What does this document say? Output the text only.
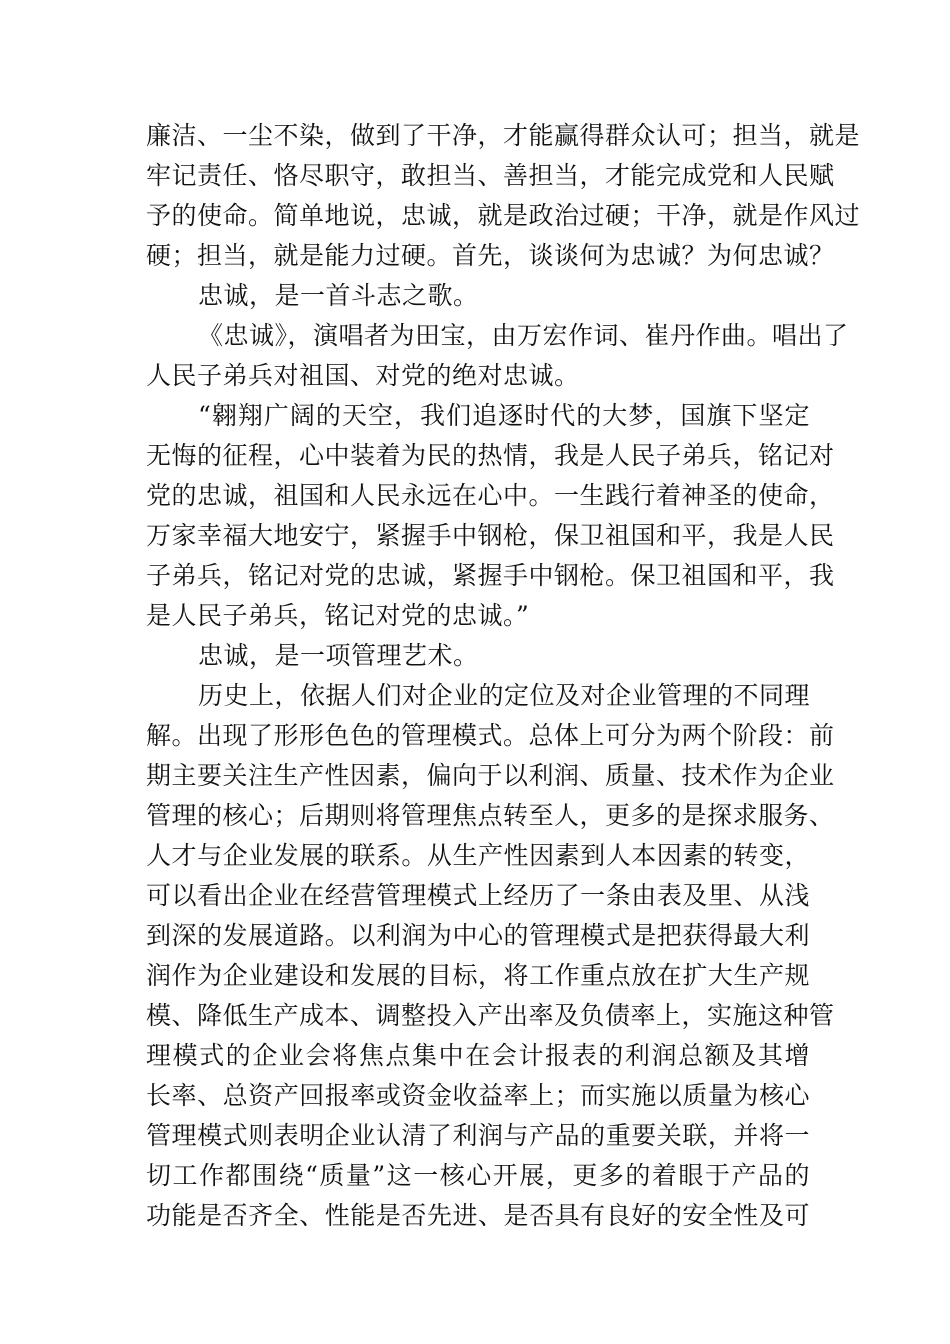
廉洁、一尘不染，做到了干净，才能赢得群众认可；担当，就是
牢记责任、恪尽职守，敢担当、善担当，才能完成党和人民赋
予的使命。简单地说，忠诚，就是政治过硬；干净，就是作风过
硬；担当，就是能力过硬。首先，谈谈何为忠诚？为何忠诚？
忠诚，是一首斗志之歌。
《忠诚》，演唱者为田宝，由万宏作词、崔丹作曲。唱出了
人民子弟兵对祖国、对党的绝对忠诚。
“翱翔广阔的天空，我们追逐时代的大梦，国旗下坚定
无悔的征程，心中装着为民的热情，我是人民子弟兵，铭记对
党的忠诚，祖国和人民永远在心中。一生践行着神圣的使命，
万家幸福大地安宁，紧握手中钢枪，保卫祖国和平，我是人民
子弟兵，铭记对党的忠诚，紧握手中钢枪。保卫祖国和平，我
是人民子弟兵，铭记对党的忠诚。”
忠诚，是一项管理艺术。
历史上，依据人们对企业的定位及对企业管理的不同理
解。出现了形形色色的管理模式。总体上可分为两个阶段：前
期主要关注生产性因素，偏向于以利润、质量、技术作为企业
管理的核心；后期则将管理焦点转至人，更多的是探求服务、
人才与企业发展的联系。从生产性因素到人本因素的转变，
可以看出企业在经营管理模式上经历了一条由表及里、从浅
到深的发展道路。以利润为中心的管理模式是把获得最大利
润作为企业建设和发展的目标，将工作重点放在扩大生产规
模、降低生产成本、调整投入产出率及负债率上，实施这种管
理模式的企业会将焦点集中在会计报表的利润总额及其增
长率、总资产回报率或资金收益率上；而实施以质量为核心
管理模式则表明企业认清了利润与产品的重要关联，并将一
切工作都围绕“质量”这一核心开展，更多的着眼于产品的
功能是否齐全、性能是否先进、是否具有良好的安全性及可
